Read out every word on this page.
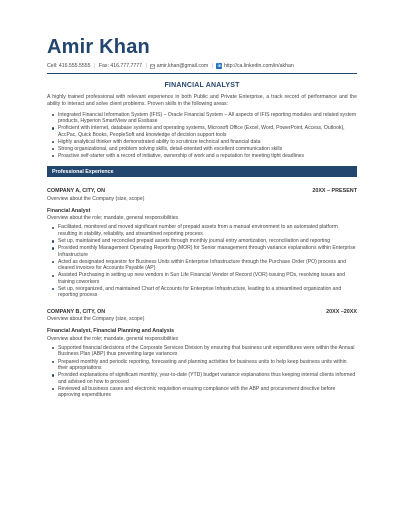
Amir Khan
Cell: 416.555.5555 | Fax: 416.777.7777 | amir.khan@gmail.com | in http://ca.linkedin.com/in/akhan
FINANCIAL ANALYST
A highly trained professional with relevant experience in both Public and Private Enterprise, a track record of performance and the ability to interact and solve client problems. Proven skills in the following areas:
Integrated Financial Information System (IFIS) – Oracle Financial System – All aspects of IFIS reporting modules and related system products, Hyperion SmartView and Essbase
Proficient with internet, database systems and operating systems, Microsoft Office (Excel, Word, PowerPoint, Access, Outlook), AccPac, Quick Books, PeopleSoft and knowledge of decision support tools
Highly analytical thinker with demonstrated ability to scrutinize technical and financial data
Strong organizational, and problem solving skills, detail-oriented with excellent communication skills
Proactive self-starter with a record of initiative, ownership of work and a reputation for meeting tight deadlines
Professional Experience
COMPANY A, CITY, ON	20XX – PRESENT
Overview about the Company (size, scope)
Financial Analyst
Overview about the role; mandate, general responsibilities
Facilitated, monitored and moved significant number of prepaid assets from a manual environment to an automated platform resulting in stability, reliability, and streamlined reporting process
Set up, maintained and reconciled prepaid assets through monthly journal entry amortization, reconciliation and reporting
Provided monthly Management Operating Reporting (MOR) for Senior management through variance explanations within Enterprise Infrastructure
Acted as designated requestor for Business Units within Enterprise Infrastructure through the Purchase Order (PO) process and cleared invoices for Accounts Payable (AP)
Assisted Purchasing in setting up new vendors in Sun Life Financial Vendor of Record (VOR) issuing POs, resolving issues and training coworkers
Set up, reorganized, and maintained Chart of Accounts for Enterprise Infrastructure, leading to a streamlined organization and reporting process
COMPANY B, CITY, ON	20XX –20XX
Overview about the Company (size, scope)
Financial Analyst, Financial Planning and Analysis
Overview about the role; mandate, general responsibilities
Supported financial decisions of the Corporate Services Division by ensuring that business unit expenditures were within the Annual Business Plan (ABP) thus preventing large variances
Prepared monthly and periodic reporting, forecasting and planning activities for business units to help keep business units within their appropriations
Provided explanations of significant monthly, year-to-date (YTD) budget variance explanations thus keeping internal clients informed and advised on how to proceed
Reviewed all business cases and electronic requisition ensuring compliance with the ABP and procurement directive before approving expenditures
